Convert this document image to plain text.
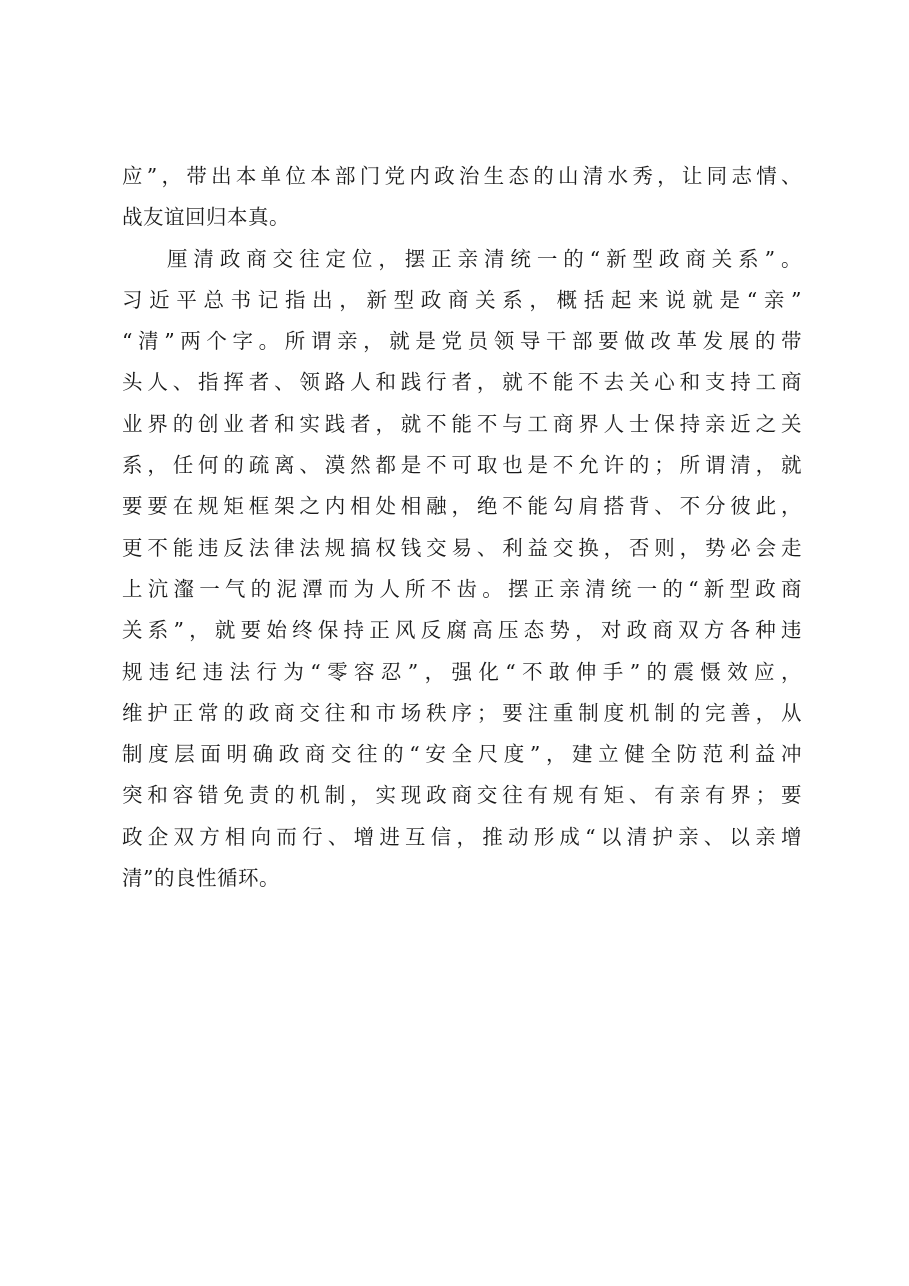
应”，带出本单位本部门党内政治生态的山清水秀，让同志情、
战友谊回归本真。
厘清政商交往定位，摆正亲清统一的“新型政商关系”。
习近平总书记指出，新型政商关系，概括起来说就是“亲”
“清”两个字。所谓亲，就是党员领导干部要做改革发展的带
头人、指挥者、领路人和践行者，就不能不去关心和支持工商
业界的创业者和实践者，就不能不与工商界人士保持亲近之关
系，任何的疏离、漠然都是不可取也是不允许的；所谓清，就
要要在规矩框架之内相处相融，绝不能勾肩搭背、不分彼此，
更不能违反法律法规搞权钱交易、利益交换，否则，势必会走
上沆瀣一气的泥潭而为人所不齿。摆正亲清统一的“新型政商
关系”，就要始终保持正风反腐高压态势，对政商双方各种违
规违纪违法行为“零容忍”，强化“不敢伸手”的震慑效应，
维护正常的政商交往和市场秩序；要注重制度机制的完善，从
制度层面明确政商交往的“安全尺度”，建立健全防范利益冲
突和容错免责的机制，实现政商交往有规有矩、有亲有界；要
政企双方相向而行、增进互信，推动形成“以清护亲、以亲增
清”的良性循环。
